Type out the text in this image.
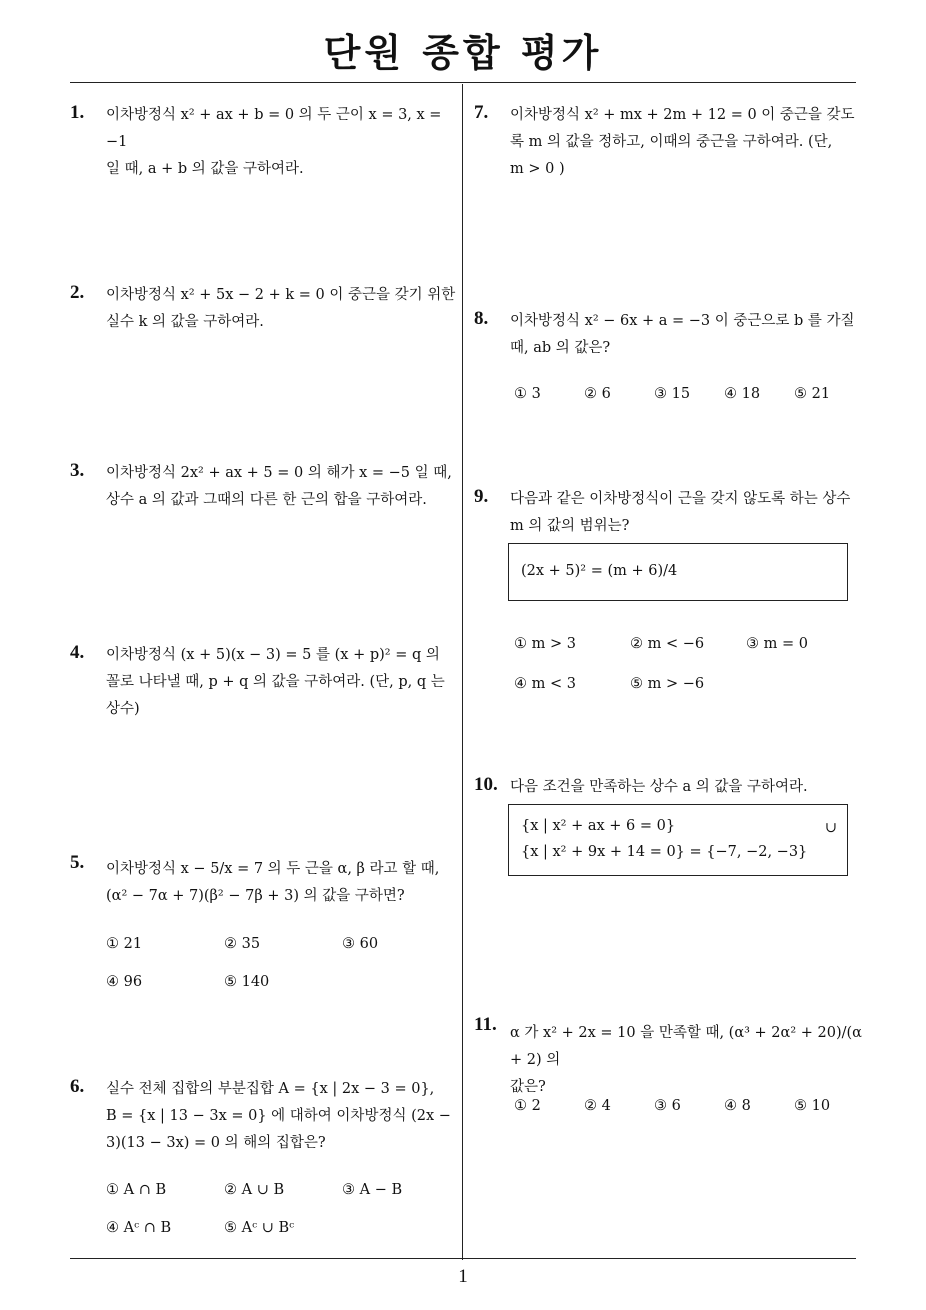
단원 종합 평가
1
1. 이차방정식 x² + ax + b = 0 의 두 근이 x = 3, x = −1
일 때, a + b 의 값을 구하여라.
2. 이차방정식 x² + 5x − 2 + k = 0 이 중근을 갖기 위한
실수 k 의 값을 구하여라.
3. 이차방정식 2x² + ax + 5 = 0 의 해가 x = −5 일 때,
상수 a 의 값과 그때의 다른 한 근의 합을 구하여라.
4. 이차방정식 (x + 5)(x − 3) = 5 를 (x + p)² = q 의
꼴로 나타낼 때, p + q 의 값을 구하여라. (단, p, q 는
상수)
5. 이차방정식 x − 5/x = 7 의 두 근을 α, β 라고 할 때,
(α² − 7α + 7)(β² − 7β + 3) 의 값을 구하면?
① 21	② 35	③ 60
④ 96	⑤ 140
6. 실수 전체 집합의 부분집합 A = {x | 2x − 3 = 0},
B = {x | 13 − 3x = 0} 에 대하여 이차방정식 (2x −
3)(13 − 3x) = 0 의 해의 집합은?
① A ∩ B	② A ∪ B	③ A − B
④ Aᶜ ∩ B	⑤ Aᶜ ∪ Bᶜ
7. 이차방정식 x² + mx + 2m + 12 = 0 이 중근을 갖도
록 m 의 값을 정하고, 이때의 중근을 구하여라. (단,
m > 0 )
8. 이차방정식 x² − 6x + a = −3 이 중근으로 b 를 가질
때, ab 의 값은?
① 3	② 6	③ 15 ④ 18 ⑤ 21
9. 다음과 같은 이차방정식이 근을 갖지 않도록 하는 상수
m 의 값의 범위는?
(2x + 5)² = (m + 6)/4
① m > 3	② m < −6	③ m = 0
④ m < 3	⑤ m > −6
10. 다음 조건을 만족하는 상수 a 의 값을 구하여라.
{x | x² + ax + 6 = 0}
{x | x² + 9x + 14 = 0} = {−7, −2, −3}
∪
11. α 가 x² + 2x = 10 을 만족할 때, (α³ + 2α² + 20)/(α + 2) 의
값은?
① 2	② 4	③ 6	④ 8	⑤ 10
